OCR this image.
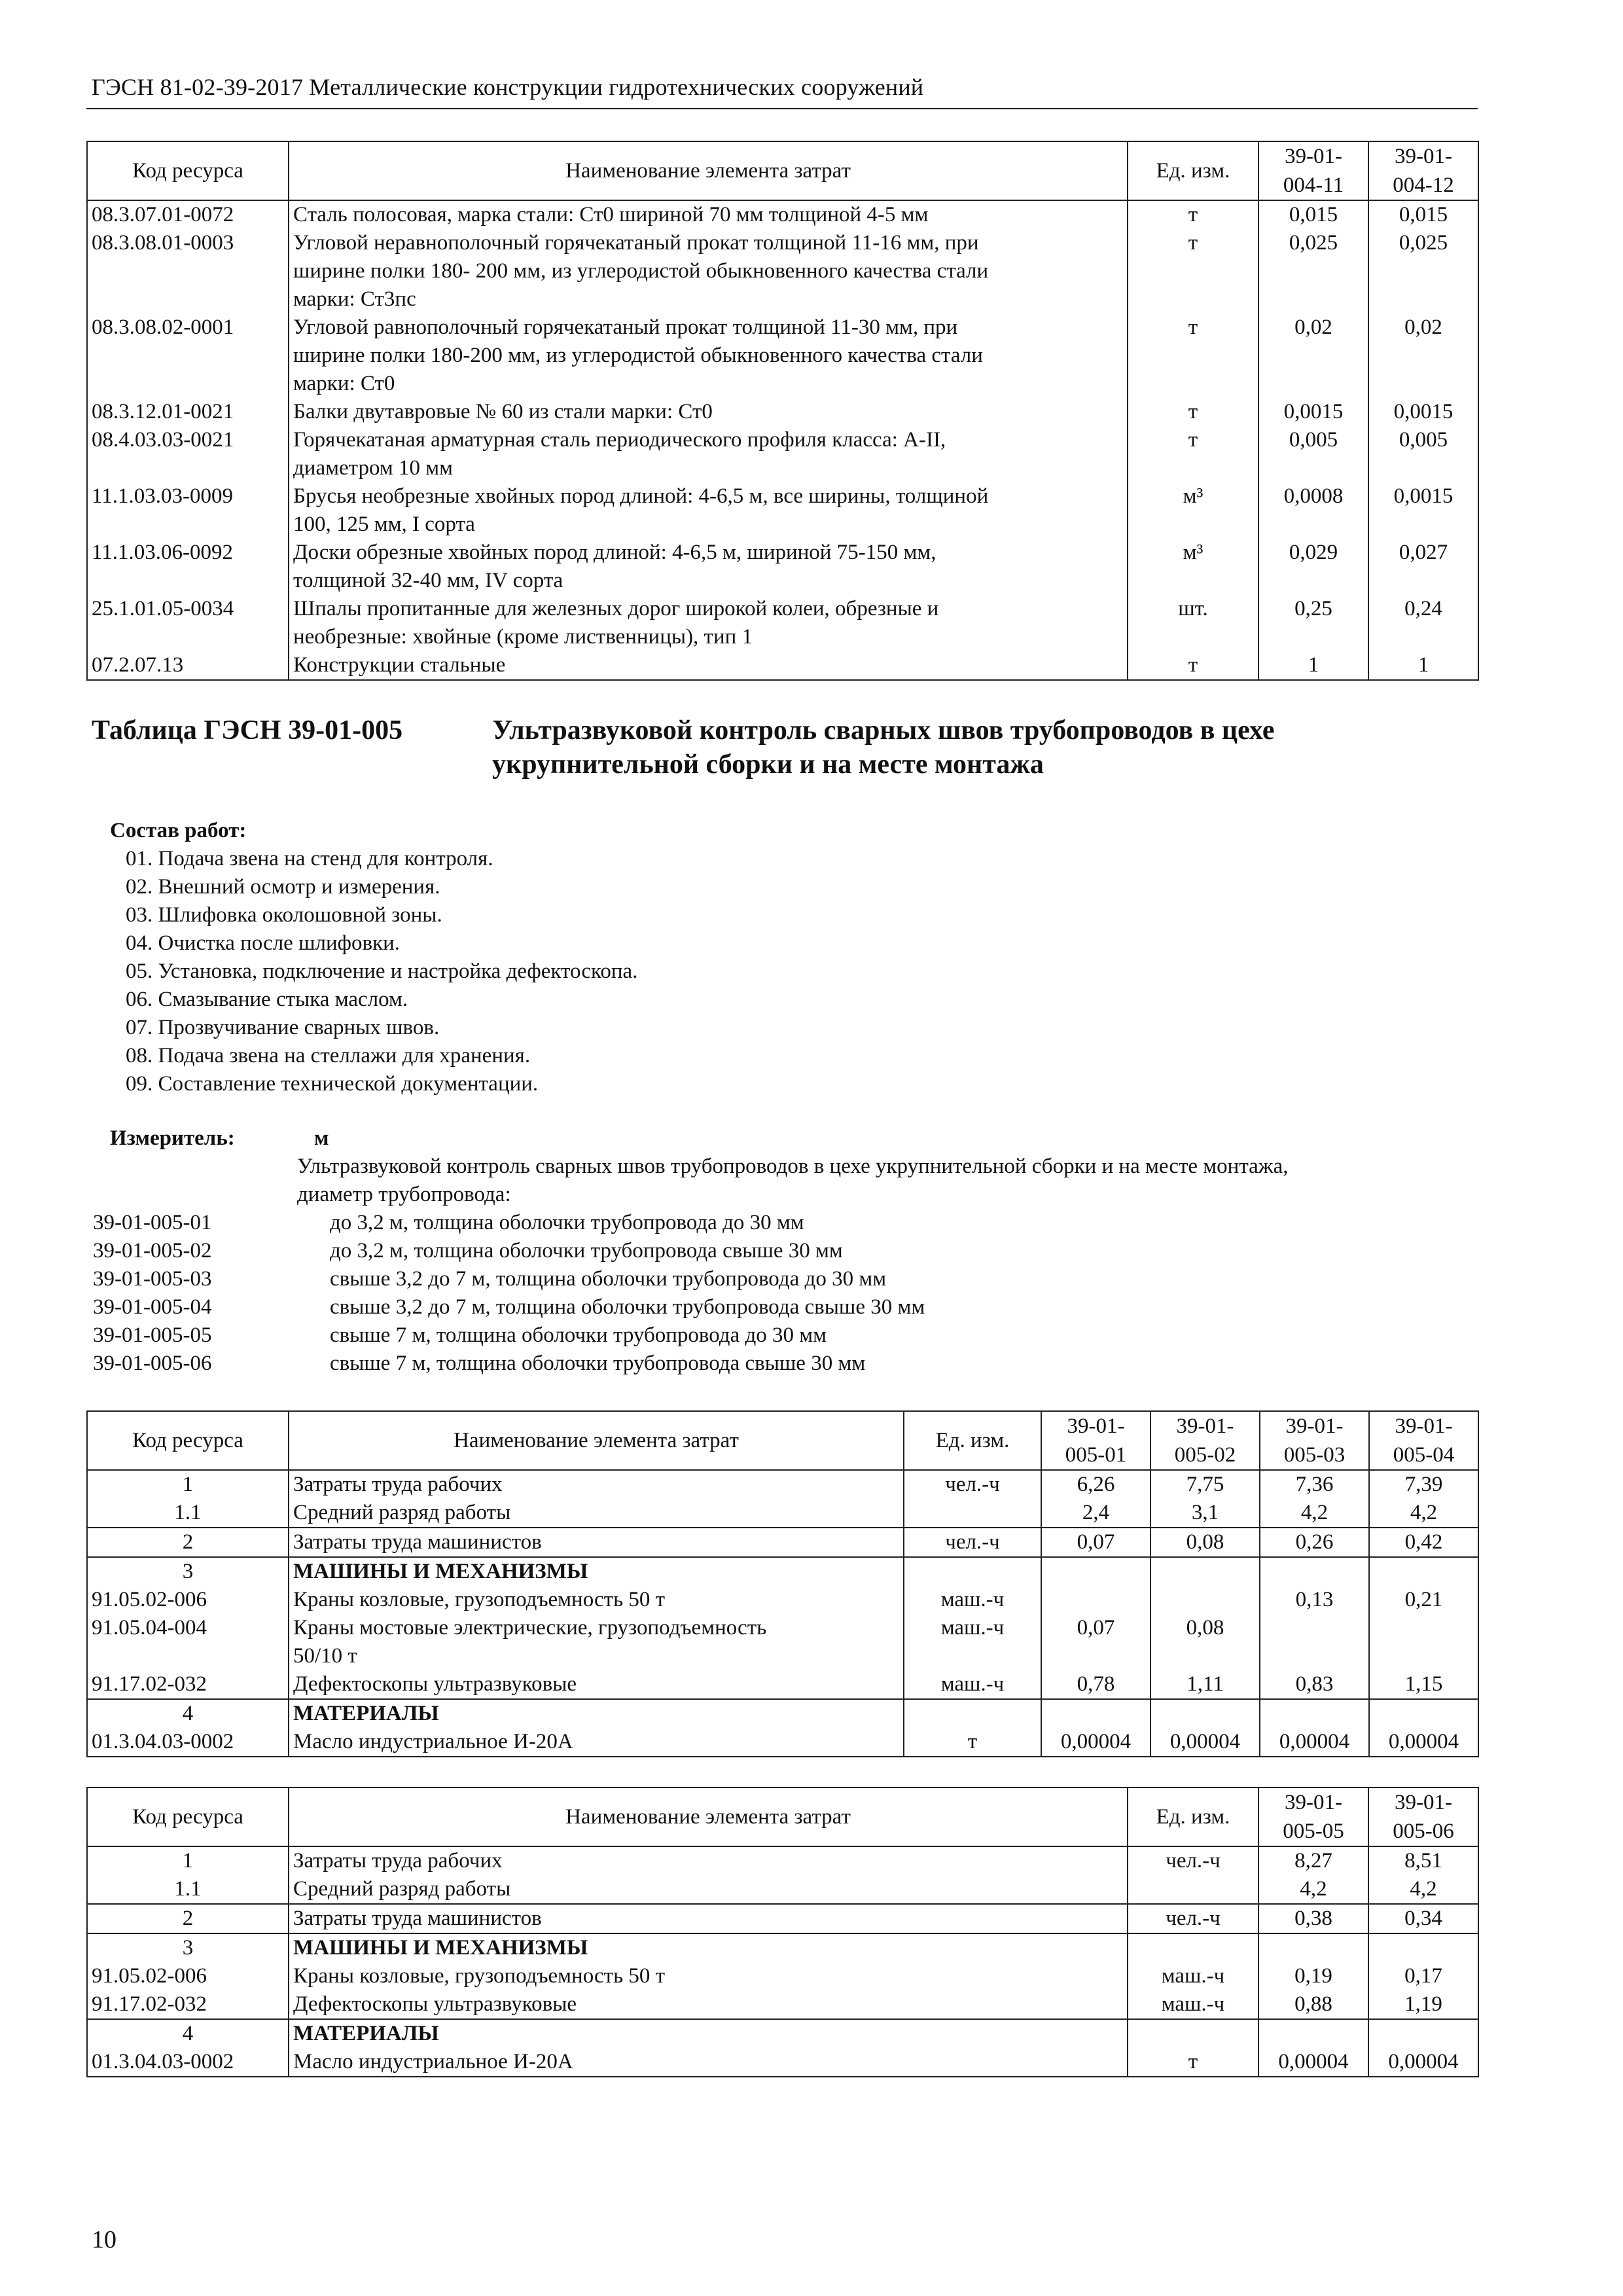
ГЭСН 81-02-39-2017 Металлические конструкции гидротехнических сооружений
Код ресурса	Наименование элемента затрат	Ед. изм.	39-01-
004-11	39-01-
004-12
08.3.07.01-0072	Сталь полосовая, марка стали: Ст0 шириной 70 мм толщиной 4-5 мм	т	0,015	0,015
08.3.08.01-0003	Угловой неравнополочный горячекатаный прокат толщиной 11-16 мм, при
ширине полки 180- 200 мм, из углеродистой обыкновенного качества стали
марки: Ст3пс	т	0,025	0,025
08.3.08.02-0001	Угловой равнополочный горячекатаный прокат толщиной 11-30 мм, при
ширине полки 180-200 мм, из углеродистой обыкновенного качества стали
марки: Ст0	т	0,02	0,02
08.3.12.01-0021	Балки двутавровые № 60 из стали марки: Ст0	т	0,0015	0,0015
08.4.03.03-0021	Горячекатаная арматурная сталь периодического профиля класса: А-II,
диаметром 10 мм	т	0,005	0,005
11.1.03.03-0009	Брусья необрезные хвойных пород длиной: 4-6,5 м, все ширины, толщиной
100, 125 мм, I сорта	м³	0,0008	0,0015
11.1.03.06-0092	Доски обрезные хвойных пород длиной: 4-6,5 м, шириной 75-150 мм,
толщиной 32-40 мм, IV сорта	м³	0,029	0,027
25.1.01.05-0034	Шпалы пропитанные для железных дорог широкой колеи, обрезные и
необрезные: хвойные (кроме лиственницы), тип 1	шт.	0,25	0,24
07.2.07.13	Конструкции стальные	т	1	1
Таблица ГЭСН 39-01-005	Ультразвуковой контроль сварных швов трубопроводов в цехе
укрупнительной сборки и на месте монтажа
Состав работ:
01. Подача звена на стенд для контроля.
02. Внешний осмотр и измерения.
03. Шлифовка околошовной зоны.
04. Очистка после шлифовки.
05. Установка, подключение и настройка дефектоскопа.
06. Смазывание стыка маслом.
07. Прозвучивание сварных швов.
08. Подача звена на стеллажи для хранения.
09. Составление технической документации.
Измеритель:	м
Ультразвуковой контроль сварных швов трубопроводов в цехе укрупнительной сборки и на месте монтажа,
диаметр трубопровода:
39-01-005-01	до 3,2 м, толщина оболочки трубопровода до 30 мм
39-01-005-02	до 3,2 м, толщина оболочки трубопровода свыше 30 мм
39-01-005-03	свыше 3,2 до 7 м, толщина оболочки трубопровода до 30 мм
39-01-005-04	свыше 3,2 до 7 м, толщина оболочки трубопровода свыше 30 мм
39-01-005-05	свыше 7 м, толщина оболочки трубопровода до 30 мм
39-01-005-06	свыше 7 м, толщина оболочки трубопровода свыше 30 мм
Код ресурса	Наименование элемента затрат	Ед. изм.	39-01-
005-01	39-01-
005-02	39-01-
005-03	39-01-
005-04
1	Затраты труда рабочих	чел.-ч	6,26	7,75	7,36	7,39
1.1	Средний разряд работы		2,4	3,1	4,2	4,2
2	Затраты труда машинистов	чел.-ч	0,07	0,08	0,26	0,42
3	МАШИНЫ И МЕХАНИЗМЫ					
91.05.02-006	Краны козловые, грузоподъемность 50 т	маш.-ч			0,13	0,21
91.05.04-004	Краны мостовые электрические, грузоподъемность
50/10 т	маш.-ч	0,07	0,08		
91.17.02-032	Дефектоскопы ультразвуковые	маш.-ч	0,78	1,11	0,83	1,15
4	МАТЕРИАЛЫ					
01.3.04.03-0002	Масло индустриальное И-20А	т	0,00004	0,00004	0,00004	0,00004
Код ресурса	Наименование элемента затрат	Ед. изм.	39-01-
005-05	39-01-
005-06
1	Затраты труда рабочих	чел.-ч	8,27	8,51
1.1	Средний разряд работы		4,2	4,2
2	Затраты труда машинистов	чел.-ч	0,38	0,34
3	МАШИНЫ И МЕХАНИЗМЫ			
91.05.02-006	Краны козловые, грузоподъемность 50 т	маш.-ч	0,19	0,17
91.17.02-032	Дефектоскопы ультразвуковые	маш.-ч	0,88	1,19
4	МАТЕРИАЛЫ			
01.3.04.03-0002	Масло индустриальное И-20А	т	0,00004	0,00004
10
